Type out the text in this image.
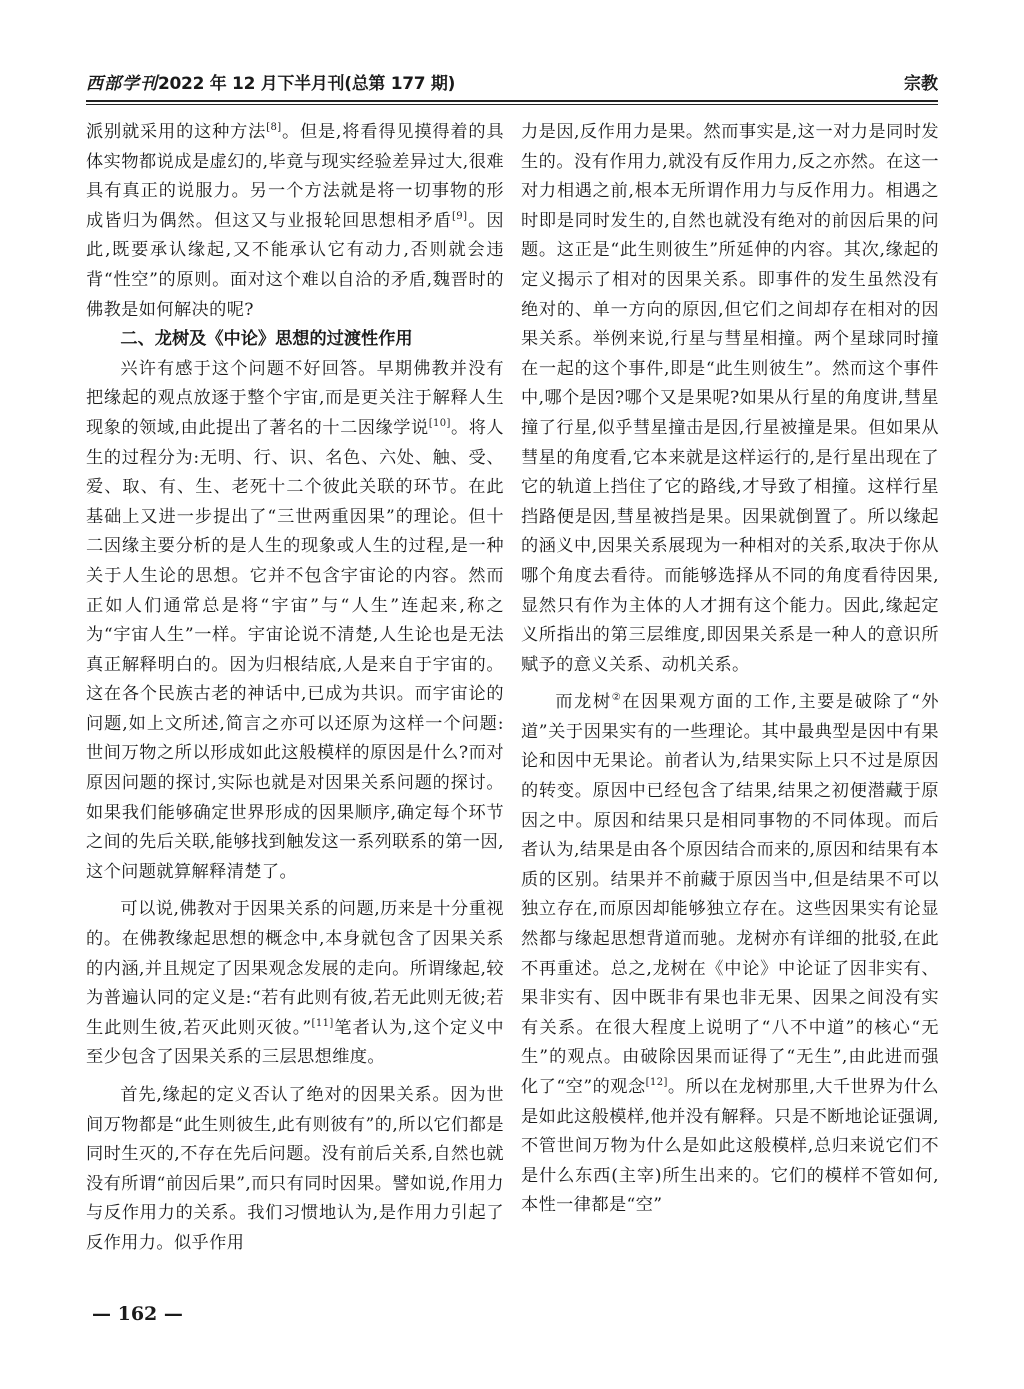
西部学刊2022 年 12 月下半月刊(总第 177 期)	宗教

派别就采用的这种方法[8]。但是,将看得见摸得着的具体实物都说成是虚幻的,毕竟与现实经验差异过大,很难具有真正的说服力。另一个方法就是将一切事物的形成皆归为偶然。但这又与业报轮回思想相矛盾[9]。因此,既要承认缘起,又不能承认它有动力,否则就会违背“性空”的原则。面对这个难以自洽的矛盾,魏晋时的佛教是如何解决的呢?

二、龙树及《中论》思想的过渡性作用

兴许有感于这个问题不好回答。早期佛教并没有把缘起的观点放逐于整个宇宙,而是更关注于解释人生现象的领域,由此提出了著名的十二因缘学说[10]。将人生的过程分为:无明、行、识、名色、六处、触、受、爱、取、有、生、老死十二个彼此关联的环节。在此基础上又进一步提出了“三世两重因果”的理论。但十二因缘主要分析的是人生的现象或人生的过程,是一种关于人生论的思想。它并不包含宇宙论的内容。然而正如人们通常总是将“宇宙”与“人生”连起来,称之为“宇宙人生”一样。宇宙论说不清楚,人生论也是无法真正解释明白的。因为归根结底,人是来自于宇宙的。这在各个民族古老的神话中,已成为共识。而宇宙论的问题,如上文所述,简言之亦可以还原为这样一个问题:世间万物之所以形成如此这般模样的原因是什么?而对原因问题的探讨,实际也就是对因果关系问题的探讨。如果我们能够确定世界形成的因果顺序,确定每个环节之间的先后关联,能够找到触发这一系列联系的第一因,这个问题就算解释清楚了。

可以说,佛教对于因果关系的问题,历来是十分重视的。在佛教缘起思想的概念中,本身就包含了因果关系的内涵,并且规定了因果观念发展的走向。所谓缘起,较为普遍认同的定义是:“若有此则有彼,若无此则无彼;若生此则生彼,若灭此则灭彼。”[11]笔者认为,这个定义中至少包含了因果关系的三层思想维度。

首先,缘起的定义否认了绝对的因果关系。因为世间万物都是“此生则彼生,此有则彼有”的,所以它们都是同时生灭的,不存在先后问题。没有前后关系,自然也就没有所谓“前因后果”,而只有同时因果。譬如说,作用力与反作用力的关系。我们习惯地认为,是作用力引起了反作用力。似乎作用

力是因,反作用力是果。然而事实是,这一对力是同时发生的。没有作用力,就没有反作用力,反之亦然。在这一对力相遇之前,根本无所谓作用力与反作用力。相遇之时即是同时发生的,自然也就没有绝对的前因后果的问题。这正是“此生则彼生”所延伸的内容。其次,缘起的定义揭示了相对的因果关系。即事件的发生虽然没有绝对的、单一方向的原因,但它们之间却存在相对的因果关系。举例来说,行星与彗星相撞。两个星球同时撞在一起的这个事件,即是“此生则彼生”。然而这个事件中,哪个是因?哪个又是果呢?如果从行星的角度讲,彗星撞了行星,似乎彗星撞击是因,行星被撞是果。但如果从彗星的角度看,它本来就是这样运行的,是行星出现在了它的轨道上挡住了它的路线,才导致了相撞。这样行星挡路便是因,彗星被挡是果。因果就倒置了。所以缘起的涵义中,因果关系展现为一种相对的关系,取决于你从哪个角度去看待。而能够选择从不同的角度看待因果,显然只有作为主体的人才拥有这个能力。因此,缘起定义所指出的第三层维度,即因果关系是一种人的意识所赋予的意义关系、动机关系。

而龙树②在因果观方面的工作,主要是破除了“外道”关于因果实有的一些理论。其中最典型是因中有果论和因中无果论。前者认为,结果实际上只不过是原因的转变。原因中已经包含了结果,结果之初便潜藏于原因之中。原因和结果只是相同事物的不同体现。而后者认为,结果是由各个原因结合而来的,原因和结果有本质的区别。结果并不前藏于原因当中,但是结果不可以独立存在,而原因却能够独立存在。这些因果实有论显然都与缘起思想背道而驰。龙树亦有详细的批驳,在此不再重述。总之,龙树在《中论》中论证了因非实有、果非实有、因中既非有果也非无果、因果之间没有实有关系。在很大程度上说明了“八不中道”的核心“无生”的观点。由破除因果而证得了“无生”,由此进而强化了“空”的观念[12]。所以在龙树那里,大千世界为什么是如此这般模样,他并没有解释。只是不断地论证强调,不管世间万物为什么是如此这般模样,总归来说它们不是什么东西(主宰)所生出来的。它们的模样不管如何,本性一律都是“空”

— 162 —
